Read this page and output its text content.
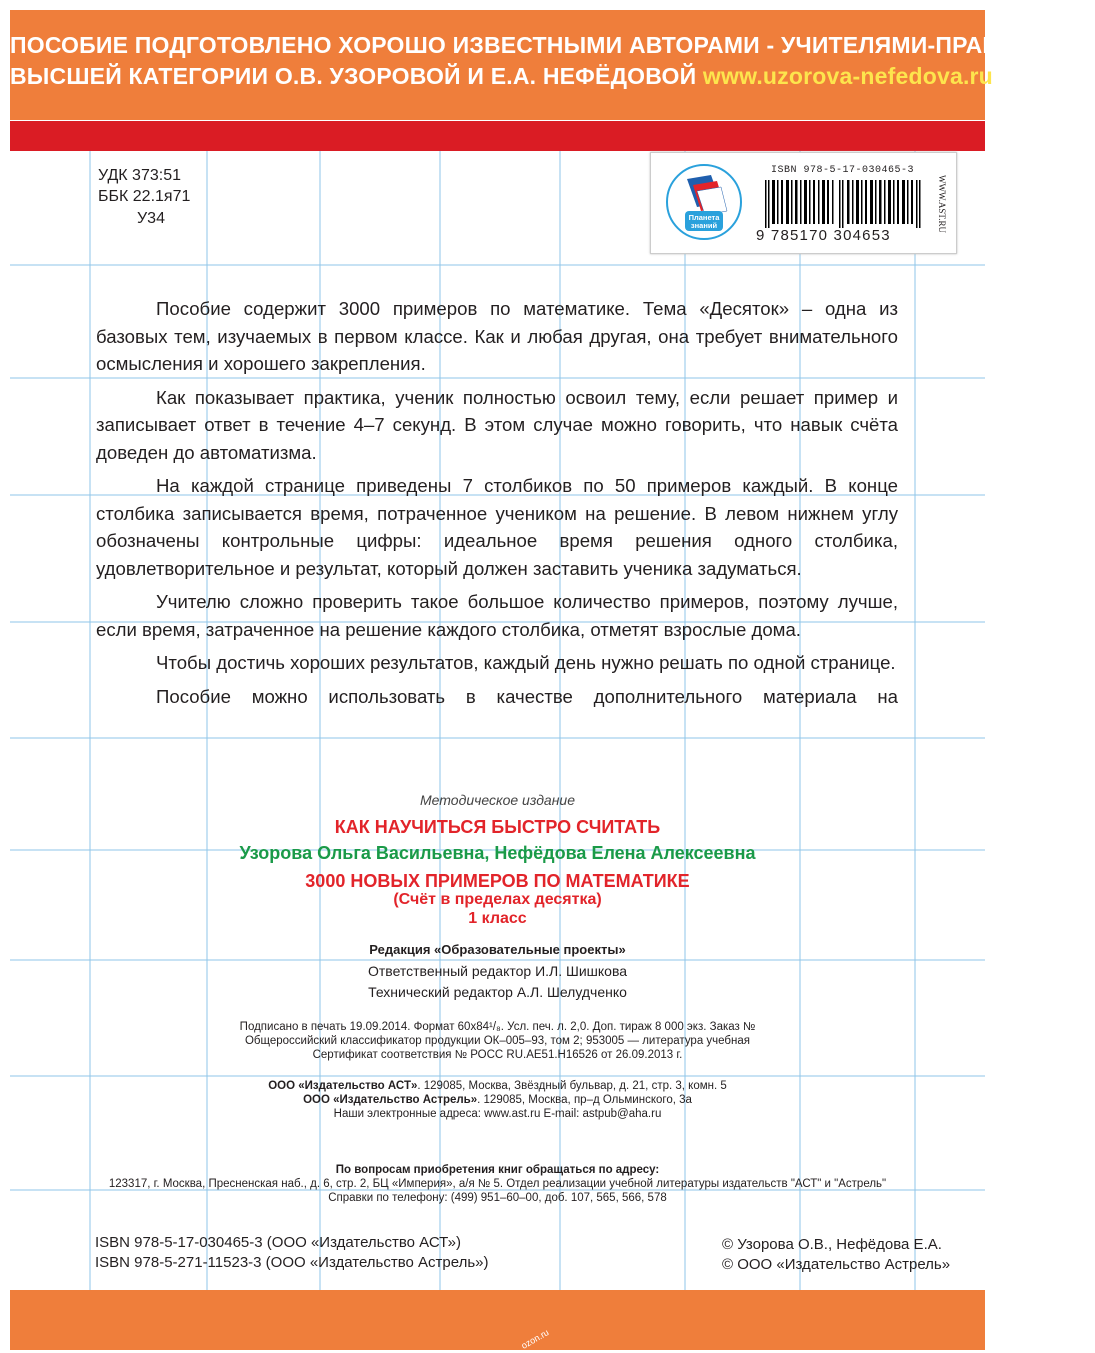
ПОСОБИЕ ПОДГОТОВЛЕНО ХОРОШО ИЗВЕСТНЫМИ АВТОРАМИ - УЧИТЕЛЯМИ-ПРАКТИКАМИ
ВЫСШЕЙ КАТЕГОРИИ О.В. УЗОРОВОЙ И Е.А. НЕФЁДОВОЙ www.uzorova-nefedova.ru
УДК 373:51
ББК 22.1я71
У34	Планета
знаний
ISBN 978-5-17-030465-3
9 785170 304653
WWW.AST.RU

Пособие содержит 3000 примеров по математике. Тема «Десяток» – одна из базовых тем, изучаемых в первом классе. Как и любая другая, она требует внимательного осмысления и хорошего закрепления.

Как показывает практика, ученик полностью освоил тему, если решает пример и записывает ответ в течение 4–7 секунд. В этом случае можно говорить, что навык счёта доведен до автоматизма.

На каждой странице приведены 7 столбиков по 50 примеров каждый. В конце столбика записывается время, потраченное учеником на решение. В левом нижнем углу обозначены контрольные цифры: идеальное время решения одного столбика, удовлетворительное и результат, который должен заставить ученика задуматься.

Учителю сложно проверить такое большое количество примеров, поэтому лучше, если время, затраченное на решение каждого столбика, отметят взрослые дома.

Чтобы достичь хороших результатов, каждый день нужно решать по одной странице.

Пособие можно использовать в качестве дополнительного материала на

Методическое издание
КАК НАУЧИТЬСЯ БЫСТРО СЧИТАТЬ
Узорова Ольга Васильевна, Нефёдова Елена Алексеевна
3000 НОВЫХ ПРИМЕРОВ ПО МАТЕМАТИКЕ
(Счёт в пределах десятка)
1 класс
Редакция «Образовательные проекты»
Ответственный редактор И.Л. Шишкова
Технический редактор А.Л. Шелудченко
Подписано в печать 19.09.2014. Формат 60x84¹/₈. Усл. печ. л. 2,0. Доп. тираж 8 000 экз. Заказ №
Общероссийский классификатор продукции ОК–005–93, том 2; 953005 — литература учебная
Сертификат соответствия № РОСС RU.AE51.H16526 от 26.09.2013 г.
ООО «Издательство АСТ». 129085, Москва, Звёздный бульвар, д. 21, стр. 3, комн. 5
ООО «Издательство Астрель». 129085, Москва, пр–д Ольминского, 3а
Наши электронные адреса: www.ast.ru E-mail: astpub@aha.ru
По вопросам приобретения книг обращаться по адресу:
123317, г. Москва, Пресненская наб., д. 6, стр. 2, БЦ «Империя», а/я № 5. Отдел реализации учебной литературы издательств "АСТ" и "Астрель"
Справки по телефону: (499) 951–60–00, доб. 107, 565, 566, 578
ISBN 978-5-17-030465-3 (ООО «Издательство АСТ»)
ISBN 978-5-271-11523-3 (ООО «Издательство Астрель»)
© Узорова О.В., Нефёдова Е.А.
© ООО «Издательство Астрель»
ozon.ru
